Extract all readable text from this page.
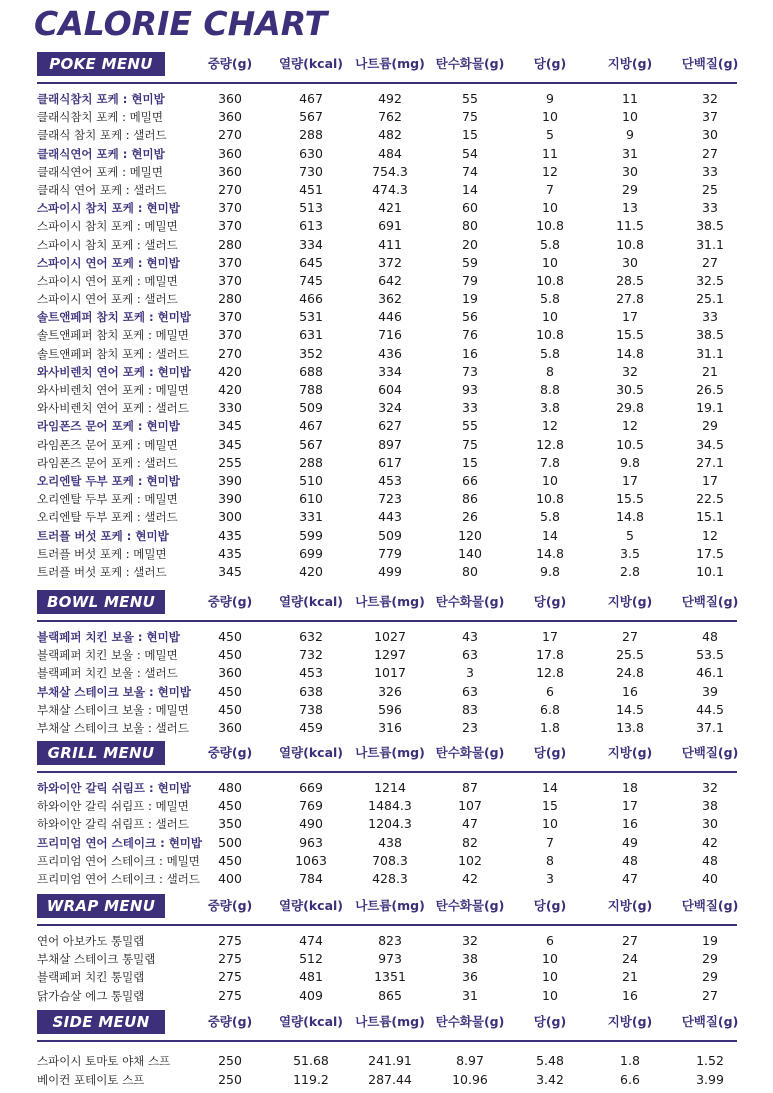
CALORIE CHART
POKE MENU	중량(g) 열량(kcal) 나트륨(mg) 탄수화물(g) 당(g)	지방(g) 단백질(g)
클래식참치 포케 : 현미밥	360	467	492	55	9	11	32
클래식참치 포케 : 메밀면	360	567	762	75	10	10	37
클래식 참치 포케 : 샐러드	270	288	482	15	5	9	30
클래식연어 포케 : 현미밥	360	630	484	54	11	31	27
클래식연어 포케 : 메밀면	360	730	754.3	74	12	30	33
클래식 연어 포케 : 샐러드	270	451	474.3	14	7	29	25
스파이시 참치 포케 : 현미밥	370	513	421	60	10	13	33
스파이시 참치 포케 : 메밀면	370	613	691	80	10.8	11.5	38.5
스파이시 참치 포케 : 샐러드	280	334	411	20	5.8	10.8	31.1
스파이시 연어 포케 : 현미밥	370	645	372	59	10	30	27
스파이시 연어 포케 : 메밀면	370	745	642	79	10.8	28.5	32.5
스파이시 연어 포케 : 샐러드	280	466	362	19	5.8	27.8	25.1
솔트앤페퍼 참치 포케 : 현미밥 370	531	446	56	10	17	33
솔트앤페퍼 참치 포케 : 메밀면 370	631	716	76	10.8	15.5	38.5
솔트앤페퍼 참치 포케 : 샐러드 270	352	436	16	5.8	14.8	31.1
와사비렌치 연어 포케 : 현미밥 420	688	334	73	8	32	21
와사비렌치 연어 포케 : 메밀면 420	788	604	93	8.8	30.5	26.5
와사비렌치 연어 포케 : 샐러드 330	509	324	33	3.8	29.8	19.1
라임폰즈 문어 포케 : 현미밥	345	467	627	55	12	12	29
라임폰즈 문어 포케 : 메밀면	345	567	897	75	12.8	10.5	34.5
라임폰즈 문어 포케 : 샐러드	255	288	617	15	7.8	9.8	27.1
오리엔탈 두부 포케 : 현미밥	390	510	453	66	10	17	17
오리엔탈 두부 포케 : 메밀면	390	610	723	86	10.8	15.5	22.5
오리엔탈 두부 포케 : 샐러드	300	331	443	26	5.8	14.8	15.1
트러플 버섯 포케 : 현미밥	435	599	509	120	14	5	12
트러플 버섯 포케 : 메밀면	435	699	779	140	14.8	3.5	17.5
트러플 버섯 포케 : 샐러드	345	420	499	80	9.8	2.8	10.1
BOWL MENU	중량(g) 열량(kcal) 나트륨(mg) 탄수화물(g) 당(g)	지방(g) 단백질(g)
블랙페퍼 치킨 보울 : 현미밥	450	632	1027	43	17	27	48
블랙페퍼 치킨 보울 : 메밀면	450	732	1297	63	17.8	25.5	53.5
블랙페퍼 치킨 보울 : 샐러드	360	453	1017	3	12.8	24.8	46.1
부채살 스테이크 보울 : 현미밥 450	638	326	63	6	16	39
부채살 스테이크 보울 : 메밀면 450	738	596	83	6.8	14.5	44.5
부채살 스테이크 보울 : 샐러드 360	459	316	23	1.8	13.8	37.1
GRILL MENU	중량(g) 열량(kcal) 나트륨(mg) 탄수화물(g) 당(g)	지방(g) 단백질(g)
하와이안 갈릭 쉬림프 : 현미밥 480	669	1214	87	14	18	32
하와이안 갈릭 쉬림프 : 메밀면 450	769	1484.3	107	15	17	38
하와이안 갈릭 쉬림프 : 샐러드 350	490	1204.3	47	10	16	30
프리미엄 연어 스테이크 : 현미밥 500	963	438	82	7	49	42
프리미엄 연어 스테이크 : 메밀면 450	1063	708.3	102	8	48	48
프리미엄 연어 스테이크 : 샐러드 400	784	428.3	42	3	47	40
WRAP MENU	중량(g) 열량(kcal) 나트륨(mg) 탄수화물(g) 당(g)	지방(g) 단백질(g)
연어 아보카도 통밀랩	275	474	823	32	6	27	19
부채살 스테이크 통밀랩	275	512	973	38	10	24	29
블랙페퍼 치킨 통밀랩	275	481	1351	36	10	21	29
닭가슴살 에그 통밀랩	275	409	865	31	10	16	27
SIDE MEUN	중량(g) 열량(kcal) 나트륨(mg) 탄수화물(g) 당(g)	지방(g) 단백질(g)
스파이시 토마토 야채 스프	250	51.68	241.91	8.97	5.48	1.8	1.52
베이컨 포테이토 스프	250	119.2	287.44	10.96	3.42	6.6	3.99
